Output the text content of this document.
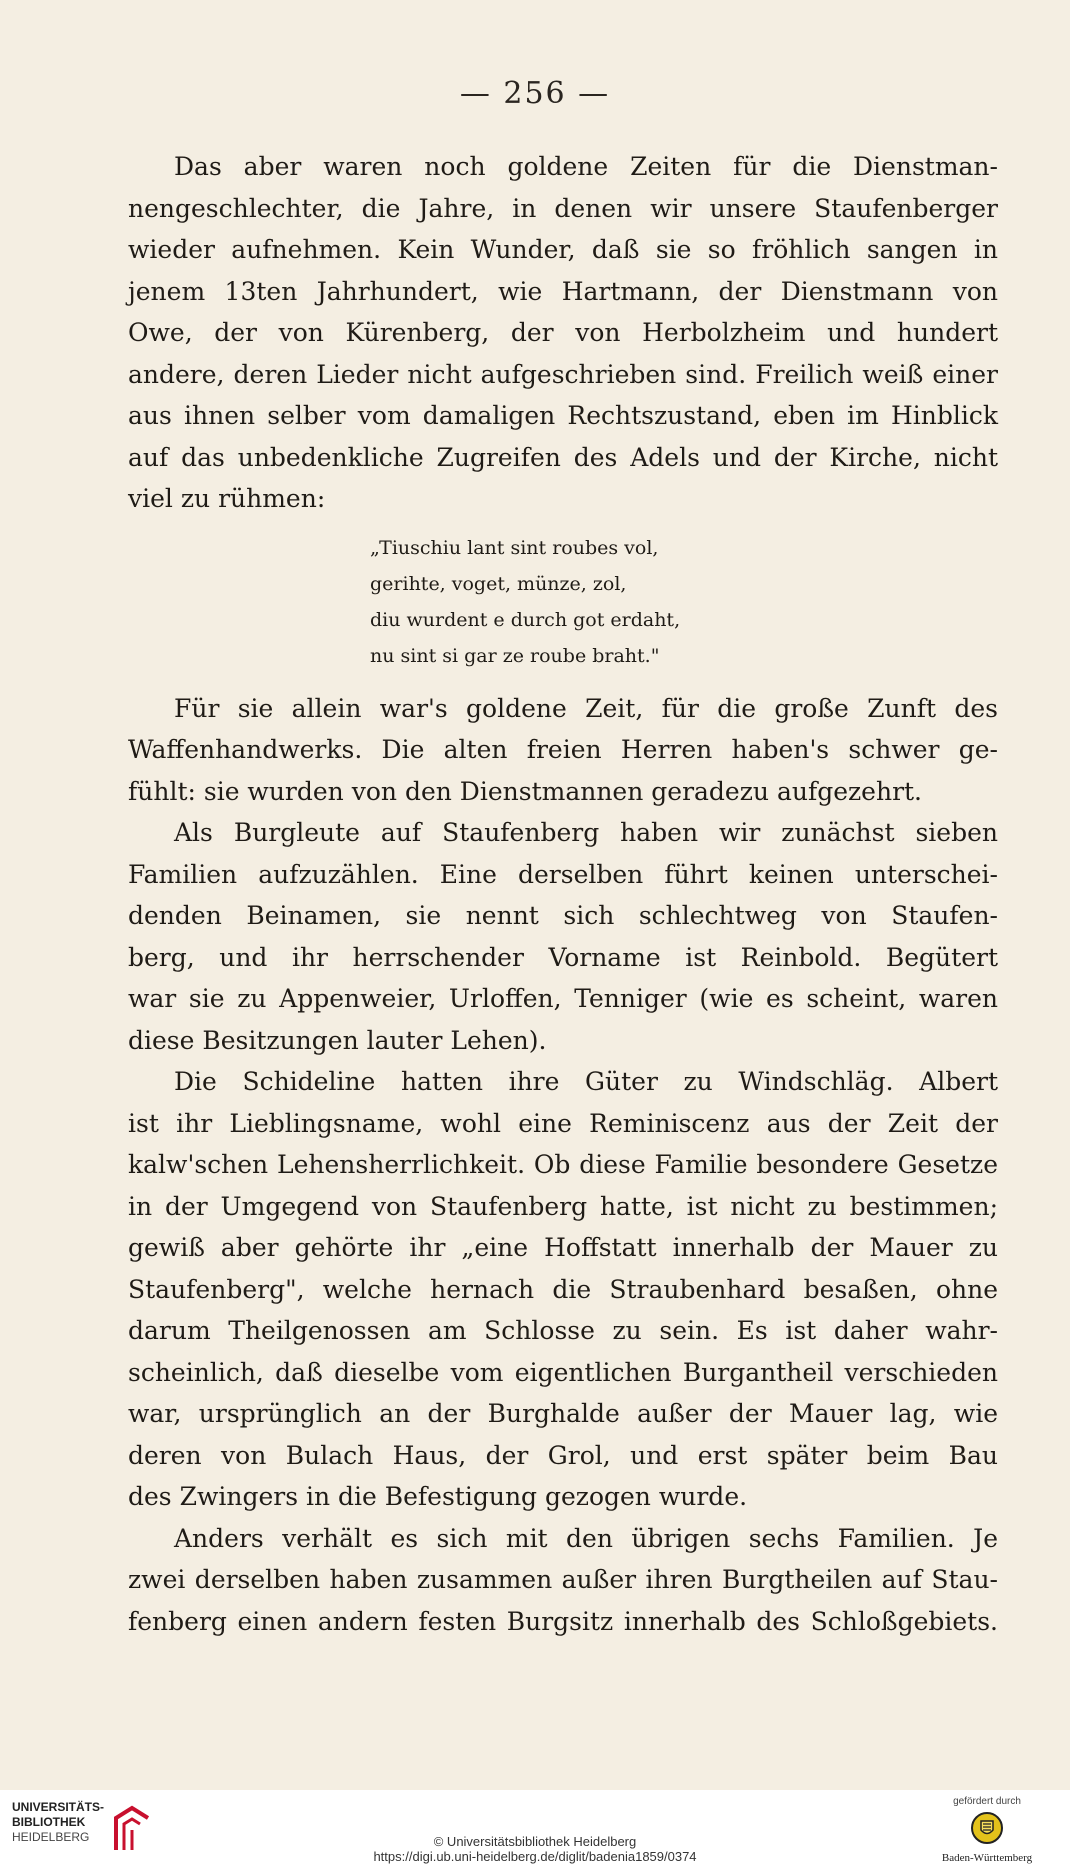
— 256 —
Das aber waren noch goldene Zeiten für die Dienstman-
nengeschlechter, die Jahre, in denen wir unsere Staufenberger
wieder aufnehmen. Kein Wunder, daß sie so fröhlich sangen in
jenem 13ten Jahrhundert, wie Hartmann, der Dienstmann von
Owe, der von Kürenberg, der von Herbolzheim und hundert
andere, deren Lieder nicht aufgeschrieben sind. Freilich weiß einer
aus ihnen selber vom damaligen Rechtszustand, eben im Hinblick
auf das unbedenkliche Zugreifen des Adels und der Kirche, nicht
viel zu rühmen:
„Tiuschiu lant sint roubes vol,
gerihte, voget, münze, zol,
diu wurdent e durch got erdaht,
nu sint si gar ze roube braht."
Für sie allein war's goldene Zeit, für die große Zunft des
Waffenhandwerks. Die alten freien Herren haben's schwer ge-
fühlt: sie wurden von den Dienstmannen geradezu aufgezehrt.
Als Burgleute auf Staufenberg haben wir zunächst sieben
Familien aufzuzählen. Eine derselben führt keinen unterschei-
denden Beinamen, sie nennt sich schlechtweg von Staufen-
berg, und ihr herrschender Vorname ist Reinbold. Begütert
war sie zu Appenweier, Urloffen, Tenniger (wie es scheint, waren
diese Besitzungen lauter Lehen).
Die Schideline hatten ihre Güter zu Windschläg. Albert
ist ihr Lieblingsname, wohl eine Reminiscenz aus der Zeit der
kalw'schen Lehensherrlichkeit. Ob diese Familie besondere Gesetze
in der Umgegend von Staufenberg hatte, ist nicht zu bestimmen;
gewiß aber gehörte ihr „eine Hoffstatt innerhalb der Mauer zu
Staufenberg", welche hernach die Straubenhard besaßen, ohne
darum Theilgenossen am Schlosse zu sein. Es ist daher wahr-
scheinlich, daß dieselbe vom eigentlichen Burgantheil verschieden
war, ursprünglich an der Burghalde außer der Mauer lag, wie
deren von Bulach Haus, der Grol, und erst später beim Bau
des Zwingers in die Befestigung gezogen wurde.
Anders verhält es sich mit den übrigen sechs Familien. Je
zwei derselben haben zusammen außer ihren Burgtheilen auf Stau-
fenberg einen andern festen Burgsitz innerhalb des Schloßgebiets.
UNIVERSITÄTS-
BIBLIOTHEK
HEIDELBERG	© Universitätsbibliothek Heidelberg
https://digi.ub.uni-heidelberg.de/diglit/badenia1859/0374
gefördert durch
Baden-Württemberg
